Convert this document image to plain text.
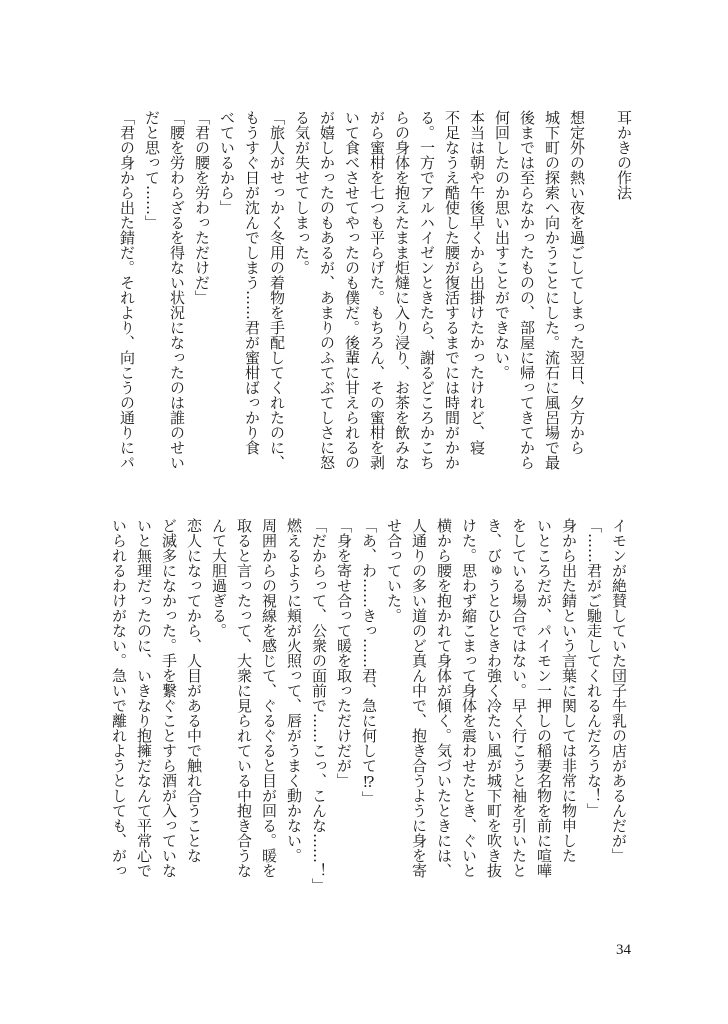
耳かきの作法

想定外の熱い夜を過ごしてしまった翌日、夕方から

城下町の探索へ向かうことにした。流石に風呂場で最

後までは至らなかったものの、部屋に帰ってきてから

何回したのか思い出すことができない。

本当は朝や午後早くから出掛けたかったけれど、寝

不足なうえ酷使した腰が復活するまでには時間がかか

る。一方でアルハイゼンときたら、謝るどころかこち

らの身体を抱えたまま炬燵に入り浸り、お茶を飲みな

がら蜜柑を七つも平らげた。もちろん、その蜜柑を剥

いて食べさせてやったのも僕だ。後輩に甘えられるの

が嬉しかったのもあるが、あまりのふてぶてしさに怒

る気が失せてしまった。

「旅人がせっかく冬用の着物を手配してくれたのに、

もうすぐ日が沈んでしまう……君が蜜柑ばっかり食

べているから」

「君の腰を労わっただけだ」

「腰を労わらざるを得ない状況になったのは誰のせい

だと思って……」

「君の身から出た錆だ。それより、向こうの通りにパ

イモンが絶賛していた団子牛乳の店があるんだが」

「……君がご馳走してくれるんだろうな！」

身から出た錆という言葉に関しては非常に物申した

いところだが、パイモン一押しの稲妻名物を前に喧嘩

をしている場合ではない。早く行こうと袖を引いたと

き、びゅうとひときわ強く冷たい風が城下町を吹き抜

けた。思わず縮こまって身体を震わせたとき、ぐいと

横から腰を抱かれて身体が傾く。気づいたときには、

人通りの多い道のど真ん中で、抱き合うように身を寄

せ合っていた。

「あ、わ……きっ……君、急に何して⁉」

「身を寄せ合って暖を取っただけだが」

「だからって、公衆の面前で……こっ、こんな……！」

燃えるように頬が火照って、唇がうまく動かない。

周囲からの視線を感じて、ぐるぐると目が回る。暖を

取ると言ったって、大衆に見られている中抱き合うな

んて大胆過ぎる。

恋人になってから、人目がある中で触れ合うことな

ど滅多になかった。手を繋ぐことすら酒が入っていな

いと無理だったのに、いきなり抱擁だなんて平常心で

いられるわけがない。急いで離れようとしても、がっ

34
